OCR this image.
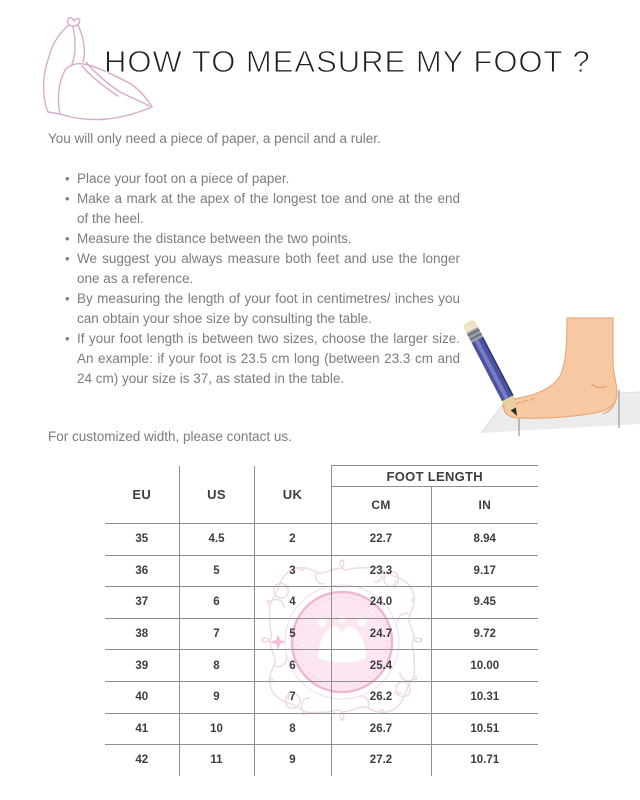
HOW TO MEASURE MY FOOT ?
You will only need a piece of paper, a pencil and a ruler.
• Place your foot on a piece of paper.
• Make a mark at the apex of the longest toe and one at the end of the heel.
• Measure the distance between the two points.
• We suggest you always measure both feet and use the longer one as a reference.
• By measuring the length of your foot in centimetres/ inches you can obtain your shoe size by consulting the table.
• If your foot length is between two sizes, choose the larger size. An example: if your foot is 23.5 cm long (between 23.3 cm and 24 cm) your size is 37, as stated in the table.
For customized width, please contact us.
EU	US	UK	FOOT LENGTH	
			CM	IN
35	4.5	2	22.7	8.94
36	5	3	23.3	9.17
37	6	4	24.0	9.45
38	7	5	24.7	9.72
39	8	6	25.4	10.00
40	9	7	26.2	10.31
41	10	8	26.7	10.51
42	11	9	27.2	10.71
